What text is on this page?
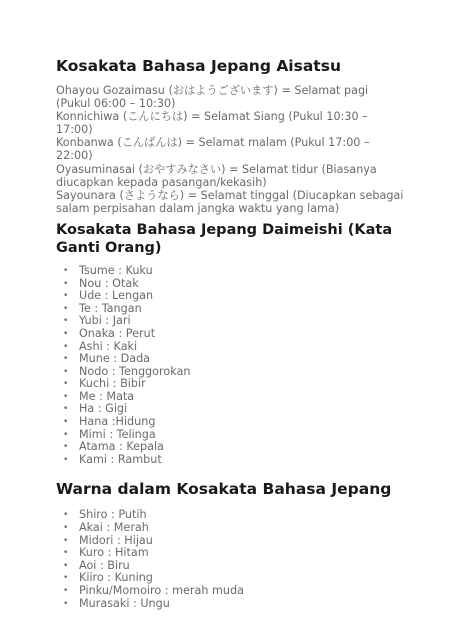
Kosakata Bahasa Jepang Aisatsu

Ohayou Gozaimasu (おはようございます) = Selamat pagi (Pukul 06:00 – 10:30)

Konnichiwa (こんにちは) = Selamat Siang (Pukul 10:30 – 17:00)

Konbanwa (こんばんは) = Selamat malam (Pukul 17:00 – 22:00)

Oyasuminasai (おやすみなさい) = Selamat tidur (Biasanya diucapkan kepada pasangan/kekasih)

Sayounara (さようなら) = Selamat tinggal (Diucapkan sebagai salam perpisahan dalam jangka waktu yang lama)

Kosakata Bahasa Jepang Daimeishi (Kata Ganti Orang)
• Tsume : Kuku
• Nou : Otak
• Ude : Lengan
• Te : Tangan
• Yubi : Jari
• Onaka : Perut
• Ashi : Kaki
• Mune : Dada
• Nodo : Tenggorokan
• Kuchi : Bibir
• Me : Mata
• Ha : Gigi
• Hana :Hidung
• Mimi : Telinga
• Atama : Kepala
• Kami : Rambut
Warna dalam Kosakata Bahasa Jepang
• Shiro : Putih
• Akai : Merah
• Midori : Hijau
• Kuro : Hitam
• Aoi : Biru
• Kiiro : Kuning
• Pinku/Momoiro : merah muda
• Murasaki : Ungu
